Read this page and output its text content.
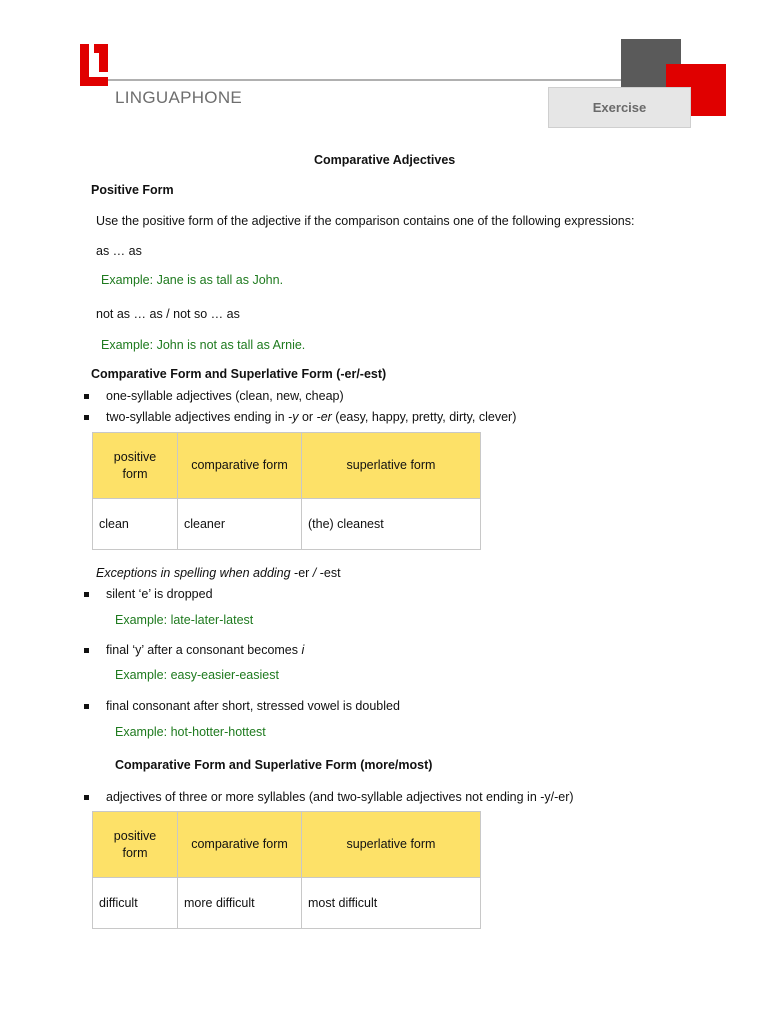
LINGUAPHONE
Exercise
Comparative Adjectives
Positive Form
Use the positive form of the adjective if the comparison contains one of the following expressions:
as … as
Example: Jane is as tall as John.
not as … as / not so … as
Example: John is not as tall as Arnie.
Comparative Form and Superlative Form (-er/-est)
one-syllable adjectives (clean, new, cheap)
two-syllable adjectives ending in -y or -er (easy, happy, pretty, dirty, clever)
positive form	comparative form	superlative form
clean	cleaner	(the) cleanest
Exceptions in spelling when adding -er / -est
silent ‘e’ is dropped
Example: late-later-latest
final ‘y’ after a consonant becomes i
Example: easy-easier-easiest
final consonant after short, stressed vowel is doubled
Example: hot-hotter-hottest
Comparative Form and Superlative Form (more/most)
adjectives of three or more syllables (and two-syllable adjectives not ending in -y/-er)
positive form	comparative form	superlative form
difficult	more difficult	most difficult
